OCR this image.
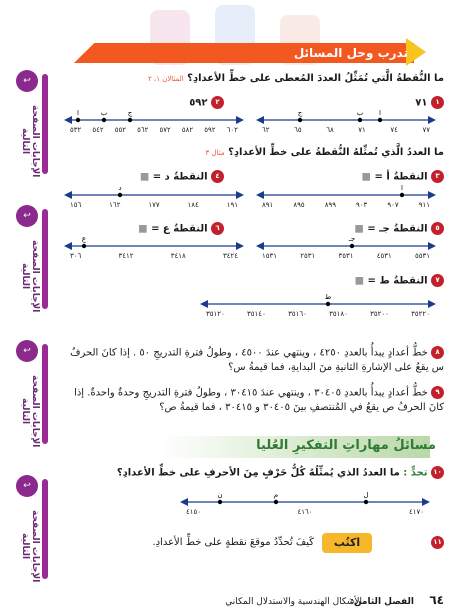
↩
الإجابات الصفحة التالية
↩
الإجابات الصفحة التالية
↩
الإجابات الصفحة التالية
↩
الإجابات الصفحة التالية
تدرب وحل المسائل
ما النُّقطةُ الَّتي تُمَثِّلُ العددَ المُعطى على خطِّ الأعدادِ؟ المثالان ١، ٢
١ ٧١
ج	ب أ
٦٢	٦٥	٦٨	٧١	٧٤	٧٧
٢ ٥٩٢
أ	ب	ج
٥٣٢ ٥٤٢ ٥٥٢ ٥٦٢ ٥٧٢ ٥٨٢ ٥٩٢ ٦٠٢
ما العددُ الَّذي تُمثِّلهُ النُّقطةُ على خطِّ الأعدادِ؟ مثال ٣
٣ النقطةُ أ = ■
أ
٨٩١	٨٩٥	٨٩٩	٩٠٣	٩٠٧	٩١١
٤ النقطةُ د = ■
د
١٥٦	١٦٢	١٧٧	١٨٤	١٩١
٥ النقطةُ جـ = ■
جـ
١٥٣١	٢٥٣١	٣٥٣١	٤٥٣١	٥٥٣١
٦ النقطةُ ع = ■
ع
٣٠٦	٣٤١٢	٣٤١٨	٣٤٢٤
٧ النقطةُ ط = ■
ط
٣٥١٢٠	٣٥١٤٠	٣٥١٦٠	٣٥١٨٠	٣٥٢٠٠	٣٥٢٢٠
٨ خطُّ أعدادٍ يبدأُ بالعددِ ٤٢٥٠ ، وينتهي عندَ ٤٥٠٠ ، وطولُ فترةِ التدريجِ ٥٠ . إذا كانَ الحرفُ س يقعُ على الإشارةِ الثانيةِ منَ البدايةِ، فما قيمةُ س؟
٩ خطُّ أعدادٍ يبدأُ بالعددِ ٣٠٤٠٥ ، وينتهي عندَ ٣٠٤١٥ ، وطولُ فترةِ التدريجِ وحدةٌ واحدةٌ. إذا كانَ الحرفُ ص يقعُ في المُنتصفِ بينَ ٣٠٤٠٥ و ٣٠٤١٥ ، فما قيمةُ ص؟
مسائلُ مهاراتِ التفكيرِ العُليا
١٠ تحدٍّ : ما العددُ الذي يُمثِّلُهُ كُلُّ حَرْفٍ مِنَ الأحرفِ على خطِّ الأعدادِ؟
ن	م	ل
٤١٥٠	٤١٦٠	٤١٧٠
١١
اكتُب
كَيفَ تُحدِّدُ موقعَ نقطةٍ على خطِّ الأعدادِ.
٦٤
الفصل الثامن:
الأشكال الهندسية والاستدلال المكاني
